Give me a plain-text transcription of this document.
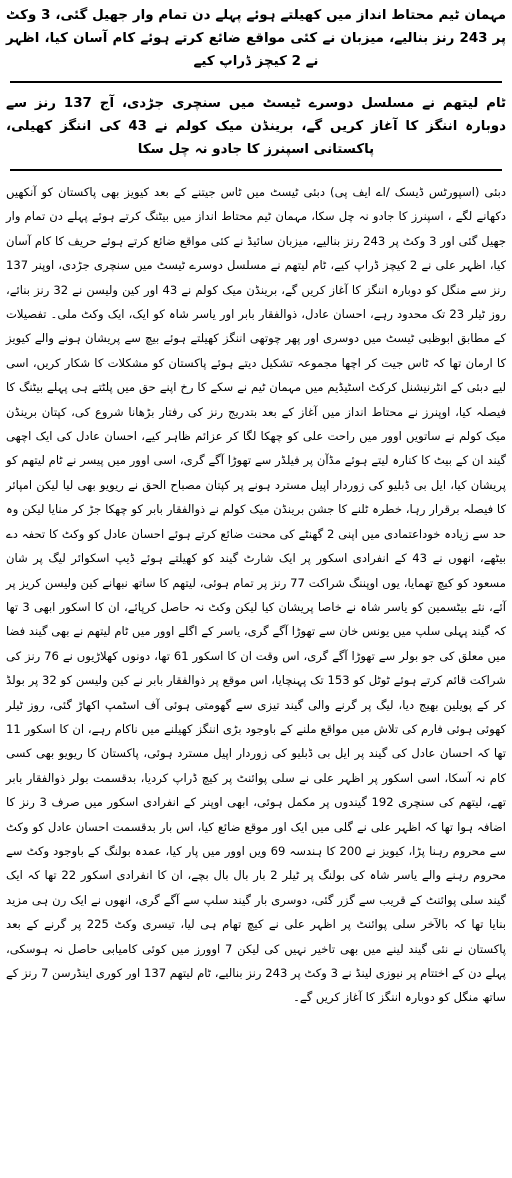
مہمان ٹیم محتاط انداز میں کھیلتے ہوئے پہلے دن تمام وار جھیل گئی، 3 وکٹ پر 243 رنز بنالیے، میزبان نے کئی مواقع ضائع کرتے ہوئے کام آسان کیا، اظہر نے 2 کیچز ڈراپ کیے

ٹام لیتھم نے مسلسل دوسرے ٹیسٹ میں سنچری جڑدی، آج 137 رنز سے دوبارہ اننگز کا آغاز کریں گے، برینڈن میک کولم نے 43 کی اننگز کھیلی، پاکستانی اسپنرز کا جادو نہ چل سکا

دبئی (اسپورٹس ڈیسک /اے ایف پی) دبئی ٹیسٹ میں ٹاس جیتنے کے بعد کیویز بھی پاکستان کو آنکھیں دکھانے لگے ، اسپنرز کا جادو نہ چل سکا، مہمان ٹیم محتاط انداز میں بیٹنگ کرتے ہوئے پہلے دن تمام وار جھیل گئی اور 3 وکٹ پر 243 رنز بنالیے، میزبان سائیڈ نے کئی مواقع ضائع کرتے ہوئے حریف کا کام آسان کیا، اظہر علی نے 2 کیچز ڈراپ کیے، ٹام لیتھم نے مسلسل دوسرے ٹیسٹ میں سنچری جڑدی، اوپنر 137 رنز سے منگل کو دوبارہ اننگز کا آغاز کریں گے، برینڈن میک کولم نے 43 اور کین ولیسن نے 32 رنز بنائے، روز ٹیلر 23 تک محدود رہے، احسان عادل، ذوالفقار بابر اور یاسر شاہ کو ایک، ایک وکٹ ملی۔ تفصیلات کے مطابق ابوظبی ٹیسٹ میں دوسری اور پھر چوتھی اننگز کھیلتے ہوئے بیچ سے پریشان ہونے والے کیویز کا ارمان تھا کہ ٹاس جیت کر اچھا مجموعہ تشکیل دیتے ہوئے پاکستان کو مشکلات کا شکار کریں، اسی لیے دبئی کے انٹرنیشنل کرکٹ اسٹیڈیم میں مہمان ٹیم نے سکے کا رخ اپنے حق میں پلٹتے ہی پہلے بیٹنگ کا فیصلہ کیا، اوپنرز نے محتاط انداز میں آغاز کے بعد بتدریج رنز کی رفتار بڑھانا شروع کی، کپتان برینڈن میک کولم نے ساتویں اوور میں راحت علی کو چھکا لگا کر عزائم ظاہر کیے، احسان عادل کی ایک اچھی گیند ان کے بیٹ کا کنارہ لیتے ہوئے مڈآن پر فیلڈر سے تھوڑا آگے گری، اسی اوور میں پیسر نے ٹام لیتھم کو پریشان کیا، ایل بی ڈبلیو کی زوردار اپیل مسترد ہونے پر کپتان مصباح الحق نے ریویو بھی لیا لیکن امپائر کا فیصلہ برقرار رہا، خطرہ ٹلنے کا جشن برینڈن میک کولم نے ذوالفقار بابر کو چھکا جڑ کر منایا لیکن وہ حد سے زیادہ خوداعتمادی میں اپنی 2 گھنٹے کی محنت ضائع کرتے ہوئے احسان عادل کو وکٹ کا تحفہ دے بیٹھے، انھوں نے 43 کے انفرادی اسکور پر ایک شارٹ گیند کو کھیلتے ہوئے ڈیپ اسکوائر لیگ پر شان مسعود کو کیچ تھمایا، یوں اوپننگ شراکت 77 رنز پر تمام ہوئی، لیتھم کا ساتھ نبھانے کین ولیسن کریز پر آئے، نئے بیٹسمین کو یاسر شاہ نے خاصا پریشان کیا لیکن وکٹ نہ حاصل کرپائے، ان کا اسکور ابھی 3 تھا کہ گیند پہلی سلپ میں یونس خان سے تھوڑا آگے گری، یاسر کے اگلے اوور میں ٹام لیتھم نے بھی گیند فضا میں معلق کی جو بولر سے تھوڑا آگے گری، اس وقت ان کا اسکور 61 تھا، دونوں کھلاڑیوں نے 76 رنز کی شراکت قائم کرتے ہوئے ٹوٹل کو 153 تک پہنچایا، اس موقع پر ذوالفقار بابر نے کین ولیسن کو 32 پر بولڈ کر کے پویلین بھیج دیا، لیگ پر گرنے والی گیند تیزی سے گھومتی ہوئی آف اسٹمپ اکھاڑ گئی، روز ٹیلر کھوئی ہوئی فارم کی تلاش میں مواقع ملنے کے باوجود بڑی اننگز کھیلنے میں ناکام رہے، ان کا اسکور 11 تھا کہ احسان عادل کی گیند پر ایل بی ڈبلیو کی زوردار اپیل مسترد ہوئی، پاکستان کا ریویو بھی کسی کام نہ آسکا، اسی اسکور پر اظہر علی نے سلی پوائنٹ پر کیچ ڈراپ کردیا، بدقسمت بولر ذوالفقار بابر تھے، لیتھم کی سنچری 192 گیندوں پر مکمل ہوئی، ابھی اوپنر کے انفرادی اسکور میں صرف 3 رنز کا اضافہ ہوا تھا کہ اظہر علی نے گلی میں ایک اور موقع ضائع کیا، اس بار بدقسمت احسان عادل کو وکٹ سے محروم رہنا پڑا، کیویز نے 200 کا ہندسہ 69 ویں اوور میں پار کیا، عمدہ بولنگ کے باوجود وکٹ سے محروم رہنے والے یاسر شاہ کی بولنگ پر ٹیلر 2 بار بال بال بچے، ان کا انفرادی اسکور 22 تھا کہ ایک گیند سلی پوائنٹ کے قریب سے گزر گئی، دوسری بار گیند سلپ سے آگے گری، انھوں نے ایک رن ہی مزید بنایا تھا کہ بالآخر سلی پوائنٹ پر اظہر علی نے کیچ تھام ہی لیا، تیسری وکٹ 225 پر گرنے کے بعد پاکستان نے نئی گیند لینے میں بھی تاخیر نہیں کی لیکن 7 اوورز میں کوئی کامیابی حاصل نہ ہوسکی، پہلے دن کے اختتام پر نیوزی لینڈ نے 3 وکٹ پر 243 رنز بنالیے، ٹام لیتھم 137 اور کوری اینڈرسن 7 رنز کے ساتھ منگل کو دوبارہ اننگز کا آغاز کریں گے۔
